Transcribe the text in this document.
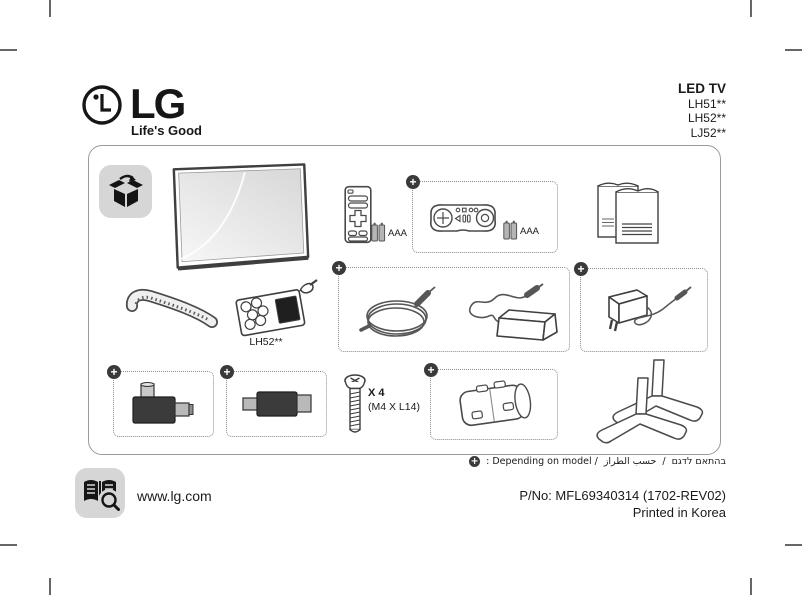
LG
Life's Good
LED TV
LH51**
LH52**
LJ52**
AAA
+
AAA
LH52**
+	+
+	+
X 4
(M4 X L14)
+
+ : Depending on model / حسب الطراز / בהתאם לדגם
www.lg.com	P/No: MFL69340314 (1702-REV02)
Printed in Korea
